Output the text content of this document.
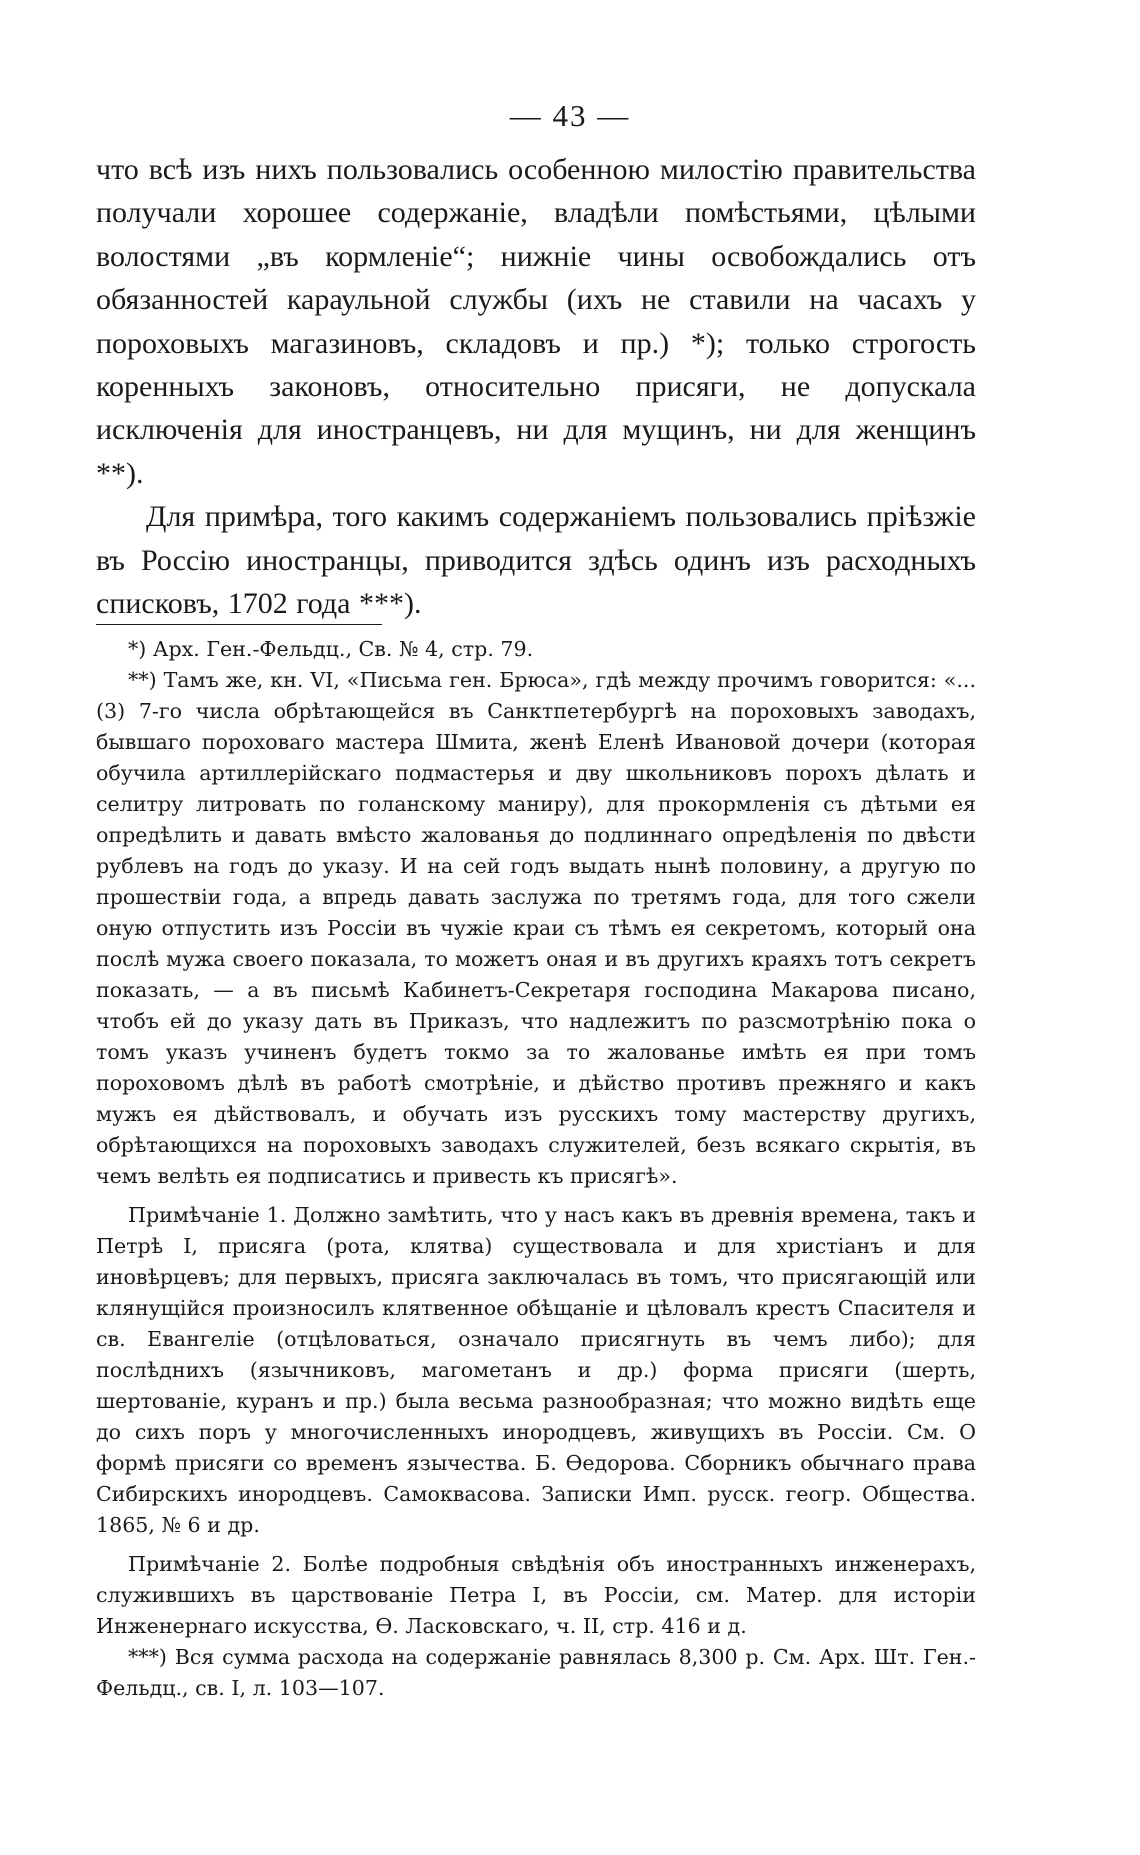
— 43 —

что всѣ изъ нихъ пользовались особенною милостію правительства получали хорошее содержаніе, владѣли помѣстьями, цѣлыми волостями „въ кормленіе“; нижніе чины освобождались отъ обязанностей караульной службы (ихъ не ставили на часахъ у пороховыхъ магазиновъ, складовъ и пр.) *); только строгость коренныхъ законовъ, относительно присяги, не допускала исключенія для иностранцевъ, ни для мущинъ, ни для женщинъ **).

Для примѣра, того какимъ содержаніемъ пользовались пріѣзжіе въ Россію иностранцы, приводится здѣсь одинъ изъ расходныхъ списковъ, 1702 года ***).

*) Арх. Ген.-Фельдц., Св. № 4, стр. 79.

**) Тамъ же, кн. VI, «Письма ген. Брюса», гдѣ между прочимъ говорится: «... (3) 7-го числа обрѣтающейся въ Санктпетербургѣ на пороховыхъ заводахъ, бывшаго пороховаго мастера Шмита, женѣ Еленѣ Ивановой дочери (которая обучила артиллерійскаго подмастерья и дву школьниковъ порохъ дѣлать и селитру литровать по голанскому маниру), для прокормленія съ дѣтьми ея опредѣлить и давать вмѣсто жалованья до подлиннаго опредѣленія по двѣсти рублевъ на годъ до указу. И на сей годъ выдать нынѣ половину, а другую по прошествіи года, а впредь давать заслужа по третямъ года, для того сжели оную отпустить изъ Россіи въ чужіе краи съ тѣмъ ея секретомъ, который она послѣ мужа своего показала, то можетъ оная и въ другихъ краяхъ тотъ секретъ показать, — а въ письмѣ Кабинетъ-Секретаря господина Макарова писано, чтобъ ей до указу дать въ Приказъ, что надлежитъ по разсмотрѣнію пока о томъ указъ учиненъ будетъ токмо за то жалованье имѣть ея при томъ пороховомъ дѣлѣ въ работѣ смотрѣніе, и дѣйство противъ прежняго и какъ мужъ ея дѣйствовалъ, и обучать изъ русскихъ тому мастерству другихъ, обрѣтающихся на пороховыхъ заводахъ служителей, безъ всякаго скрытія, въ чемъ велѣть ея подписатись и привесть къ присягѣ».

Примѣчаніе 1. Должно замѣтить, что у насъ какъ въ древнія времена, такъ и Петрѣ I, присяга (рота, клятва) существовала и для христіанъ и для иновѣрцевъ; для первыхъ, присяга заключалась въ томъ, что присягающій или клянущійся произносилъ клятвенное обѣщаніе и цѣловалъ крестъ Спасителя и св. Евангеліе (отцѣловаться, означало присягнуть въ чемъ либо); для послѣднихъ (язычниковъ, магометанъ и др.) форма присяги (шерть, шертованіе, куранъ и пр.) была весьма разнообразная; что можно видѣть еще до сихъ поръ у многочисленныхъ инородцевъ, живущихъ въ Россіи. См. О формѣ присяги со временъ язычества. Б. Ѳедорова. Сборникъ обычнаго права Сибирскихъ инородцевъ. Самоквасова. Записки Имп. русск. геогр. Общества. 1865, № 6 и др.

Примѣчаніе 2. Болѣе подробныя свѣдѣнія объ иностранныхъ инженерахъ, служившихъ въ царствованіе Петра I, въ Россіи, см. Матер. для исторіи Инженернаго искусства, Ѳ. Ласковскаго, ч. II, стр. 416 и д.

***) Вся сумма расхода на содержаніе равнялась 8,300 р. См. Арх. Шт. Ген.-Фельдц., св. I, л. 103—107.
